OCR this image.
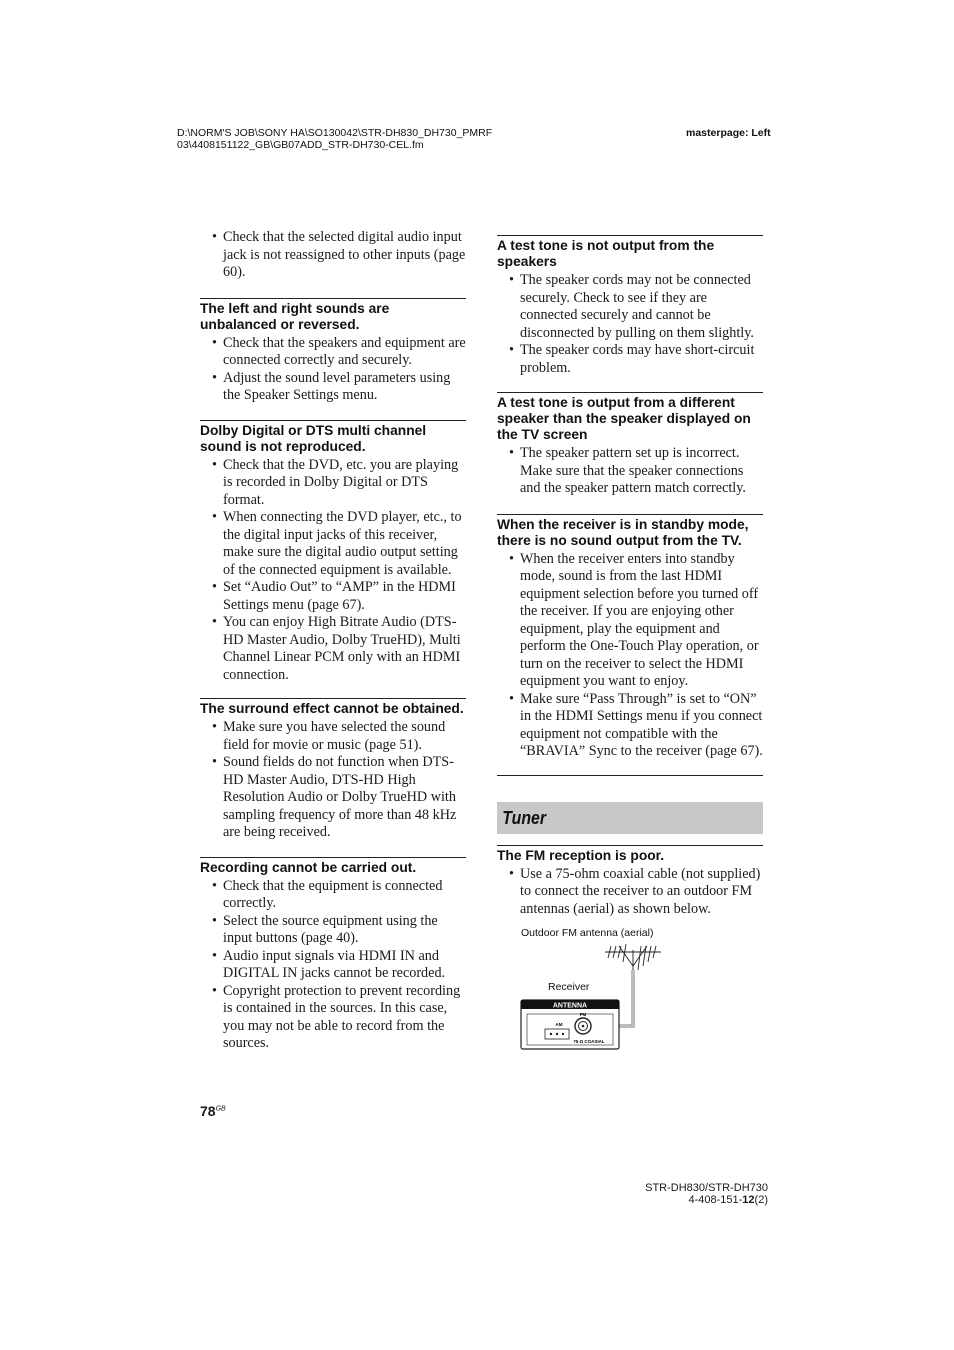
D:\NORM'S JOB\SONY HA\SO130042\STR-DH830_DH730_PMRF
03\4408151122_GB\GB07ADD_STR-DH730-CEL.fm
masterpage: Left
• Check that the selected digital audio input jack is not reassigned to other inputs (page 60).
The left and right sounds are unbalanced or reversed.
• Check that the speakers and equipment are connected correctly and securely.
• Adjust the sound level parameters using the Speaker Settings menu.
Dolby Digital or DTS multi channel sound is not reproduced.
• Check that the DVD, etc. you are playing is recorded in Dolby Digital or DTS format.
• When connecting the DVD player, etc., to the digital input jacks of this receiver, make sure the digital audio output setting of the connected equipment is available.
• Set “Audio Out” to “AMP” in the HDMI Settings menu (page 67).
• You can enjoy High Bitrate Audio (DTS-HD Master Audio, Dolby TrueHD), Multi Channel Linear PCM only with an HDMI connection.
The surround effect cannot be obtained.
• Make sure you have selected the sound field for movie or music (page 51).
• Sound fields do not function when DTS-HD Master Audio, DTS-HD High Resolution Audio or Dolby TrueHD with sampling frequency of more than 48 kHz are being received.
Recording cannot be carried out.
• Check that the equipment is connected correctly.
• Select the source equipment using the input buttons (page 40).
• Audio input signals via HDMI IN and DIGITAL IN jacks cannot be recorded.
• Copyright protection to prevent recording is contained in the sources. In this case, you may not be able to record from the sources.
A test tone is not output from the speakers
• The speaker cords may not be connected securely. Check to see if they are connected securely and cannot be disconnected by pulling on them slightly.
• The speaker cords may have short-circuit problem.
A test tone is output from a different speaker than the speaker displayed on the TV screen
• The speaker pattern set up is incorrect. Make sure that the speaker connections and the speaker pattern match correctly.
When the receiver is in standby mode, there is no sound output from the TV.
• When the receiver enters into standby mode, sound is from the last HDMI equipment selection before you turned off the receiver. If you are enjoying other equipment, play the equipment and perform the One-Touch Play operation, or turn on the receiver to select the HDMI equipment you want to enjoy.
• Make sure “Pass Through” is set to “ON” in the HDMI Settings menu if you connect equipment not compatible with the “BRAVIA” Sync to the receiver (page 67).
Tuner
The FM reception is poor.
• Use a 75-ohm coaxial cable (not supplied) to connect the receiver to an outdoor FM antennas (aerial) as shown below.
Outdoor FM antenna (aerial)
Receiver
ANTENNA
AM
FM
75 Ω COAXIAL
$78^{GB}$
STR-DH830/STR-DH730
4-408-151-12(2)
